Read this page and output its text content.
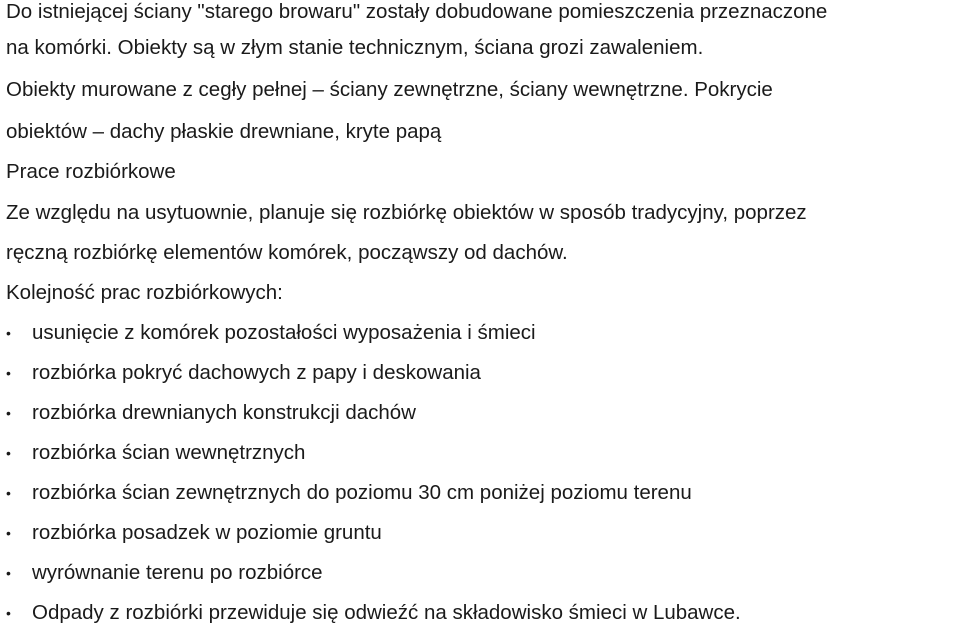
Do istniejącej ściany "starego browaru" zostały dobudowane pomieszczenia przeznaczone
na komórki. Obiekty są w złym stanie technicznym, ściana grozi zawaleniem.
Obiekty murowane z cegły pełnej – ściany zewnętrzne, ściany wewnętrzne. Pokrycie
obiektów – dachy płaskie drewniane, kryte papą
Prace rozbiórkowe
Ze względu na usytuownie, planuje się rozbiórkę obiektów w sposób tradycyjny, poprzez
ręczną rozbiórkę elementów komórek, począwszy od dachów.
Kolejność prac rozbiórkowych:
•	usunięcie z komórek pozostałości wyposażenia i śmieci
•	rozbiórka pokryć dachowych z papy i deskowania
•	rozbiórka drewnianych konstrukcji dachów
•	rozbiórka ścian wewnętrznych
•	rozbiórka ścian zewnętrznych do poziomu 30 cm poniżej poziomu terenu
•	rozbiórka posadzek w poziomie gruntu
•	wyrównanie terenu po rozbiórce
•	Odpady z rozbiórki przewiduje się odwieźć na składowisko śmieci w Lubawce.
